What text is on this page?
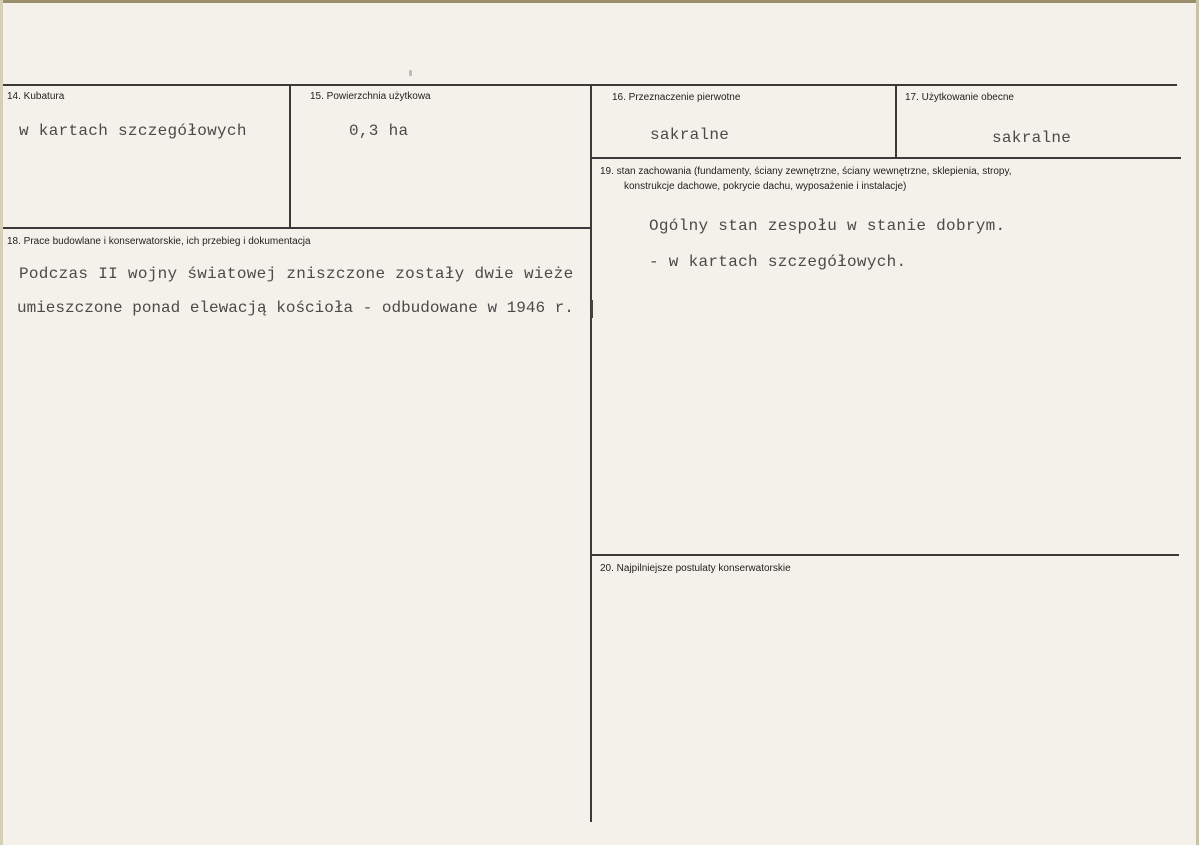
14. Kubatura
w kartach szczegółowych
15. Powierzchnia użytkowa
0,3 ha
16. Przeznaczenie pierwotne
sakralne
17. Użytkowanie obecne
sakralne
18. Prace budowlane i konserwatorskie, ich przebieg i dokumentacja
Podczas II wojny światowej zniszczone zostały dwie wieże
umieszczone ponad elewacją kościoła - odbudowane w 1946 r.
19. stan zachowania (fundamenty, ściany zewnętrzne, ściany wewnętrzne, sklepienia, stropy,
konstrukcje dachowe, pokrycie dachu, wyposażenie i instalacje)
Ogólny stan zespołu w stanie dobrym.
- w kartach szczegółowych.
20. Najpilniejsze postulaty konserwatorskie
